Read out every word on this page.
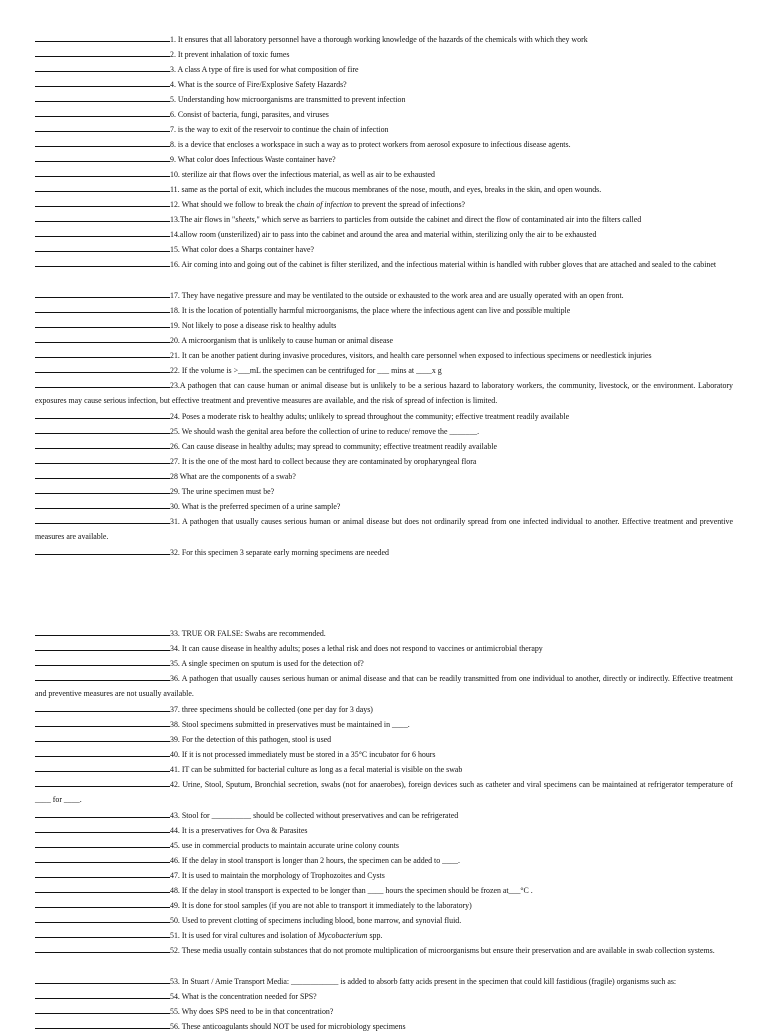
1. It ensures that all laboratory personnel have a thorough working knowledge of the hazards of the chemicals with which they work

2. It prevent inhalation of toxic fumes

3. A class A type of fire is used for what composition of fire

4. What is the source of Fire/Explosive Safety Hazards?

5. Understanding how microorganisms are transmitted to prevent infection

6. Consist of bacteria, fungi, parasites, and viruses

7. is the way to exit of the reservoir to continue the chain of infection

8. is a device that encloses a workspace in such a way as to protect workers from aerosol exposure to infectious disease agents.

9. What color does Infectious Waste container have?

10. sterilize air that flows over the infectious material, as well as air to be exhausted

11. same as the portal of exit, which includes the mucous membranes of the nose, mouth, and eyes, breaks in the skin, and open wounds.

12. What should we follow to break the chain of infection to prevent the spread of infections?

13.The air flows in "sheets," which serve as barriers to particles from outside the cabinet and direct the flow of contaminated air into the filters called

14.allow room (unsterilized) air to pass into the cabinet and around the area and material within, sterilizing only the air to be exhausted

15. What color does a Sharps container have?

16. Air coming into and going out of the cabinet is filter sterilized, and the infectious material within is handled with rubber gloves that are attached and sealed to the cabinet

17. They have negative pressure and may be ventilated to the outside or exhausted to the work area and are usually operated with an open front.

18. It is the location of potentially harmful microorganisms, the place where the infectious agent can live and possible multiple

19. Not likely to pose a disease risk to healthy adults

20. A microorganism that is unlikely to cause human or animal disease

21. It can be another patient during invasive procedures, visitors, and health care personnel when exposed to infectious specimens or needlestick injuries

22. If the volume is >___mL the specimen can be centrifuged for ___ mins at ____x g

23.A pathogen that can cause human or animal disease but is unlikely to be a serious hazard to laboratory workers, the community, livestock, or the environment. Laboratory exposures may cause serious infection, but effective treatment and preventive measures are available, and the risk of spread of infection is limited.

24. Poses a moderate risk to healthy adults; unlikely to spread throughout the community; effective treatment readily available

25. We should wash the genital area before the collection of urine to reduce/ remove the _______.

26. Can cause disease in healthy adults; may spread to community; effective treatment readily available

27. It is the one of the most hard to collect because they are contaminated by oropharyngeal flora

28 What are the components of a swab?

29. The urine specimen must be?

30. What is the preferred specimen of a urine sample?

31. A pathogen that usually causes serious human or animal disease but does not ordinarily spread from one infected individual to another. Effective treatment and preventive measures are available.

32. For this specimen 3 separate early morning specimens are needed

33. TRUE OR FALSE: Swabs are recommended.

34. It can cause disease in healthy adults; poses a lethal risk and does not respond to vaccines or antimicrobial therapy

35. A single specimen on sputum is used for the detection of?

36. A pathogen that usually causes serious human or animal disease and that can be readily transmitted from one individual to another, directly or indirectly. Effective treatment and preventive measures are not usually available.

37. three specimens should be collected (one per day for 3 days)

38. Stool specimens submitted in preservatives must be maintained in ____.

39. For the detection of this pathogen, stool is used

40. If it is not processed immediately must be stored in a 35°C incubator for 6 hours

41. IT can be submitted for bacterial culture as long as a fecal material is visible on the swab

42. Urine, Stool, Sputum, Bronchial secretion, swabs (not for anaerobes), foreign devices such as catheter and viral specimens can be maintained at refrigerator temperature of ____ for ____.

43. Stool for __________ should be collected without preservatives and can be refrigerated

44. It is a preservatives for Ova & Parasites

45. use in commercial products to maintain accurate urine colony counts

46. If the delay in stool transport is longer than 2 hours, the specimen can be added to ____.

47. It is used to maintain the morphology of Trophozoites and Cysts

48. If the delay in stool transport is expected to be longer than ____ hours the specimen should be frozen at___°C .

49. It is done for stool samples (if you are not able to transport it immediately to the laboratory)

50. Used to prevent clotting of specimens including blood, bone marrow, and synovial fluid.

51. It is used for viral cultures and isolation of Mycobacterium spp.

52. These media usually contain substances that do not promote multiplication of microorganisms but ensure their preservation and are available in swab collection systems.

53. In Stuart / Amie Transport Media: ____________ is added to absorb fatty acids present in the specimen that could kill fastidious (fragile) organisms such as:

54. What is the concentration needed for SPS?

55. Why does SPS need to be in that concentration?

56. These anticoagulants should NOT be used for microbiology specimens
